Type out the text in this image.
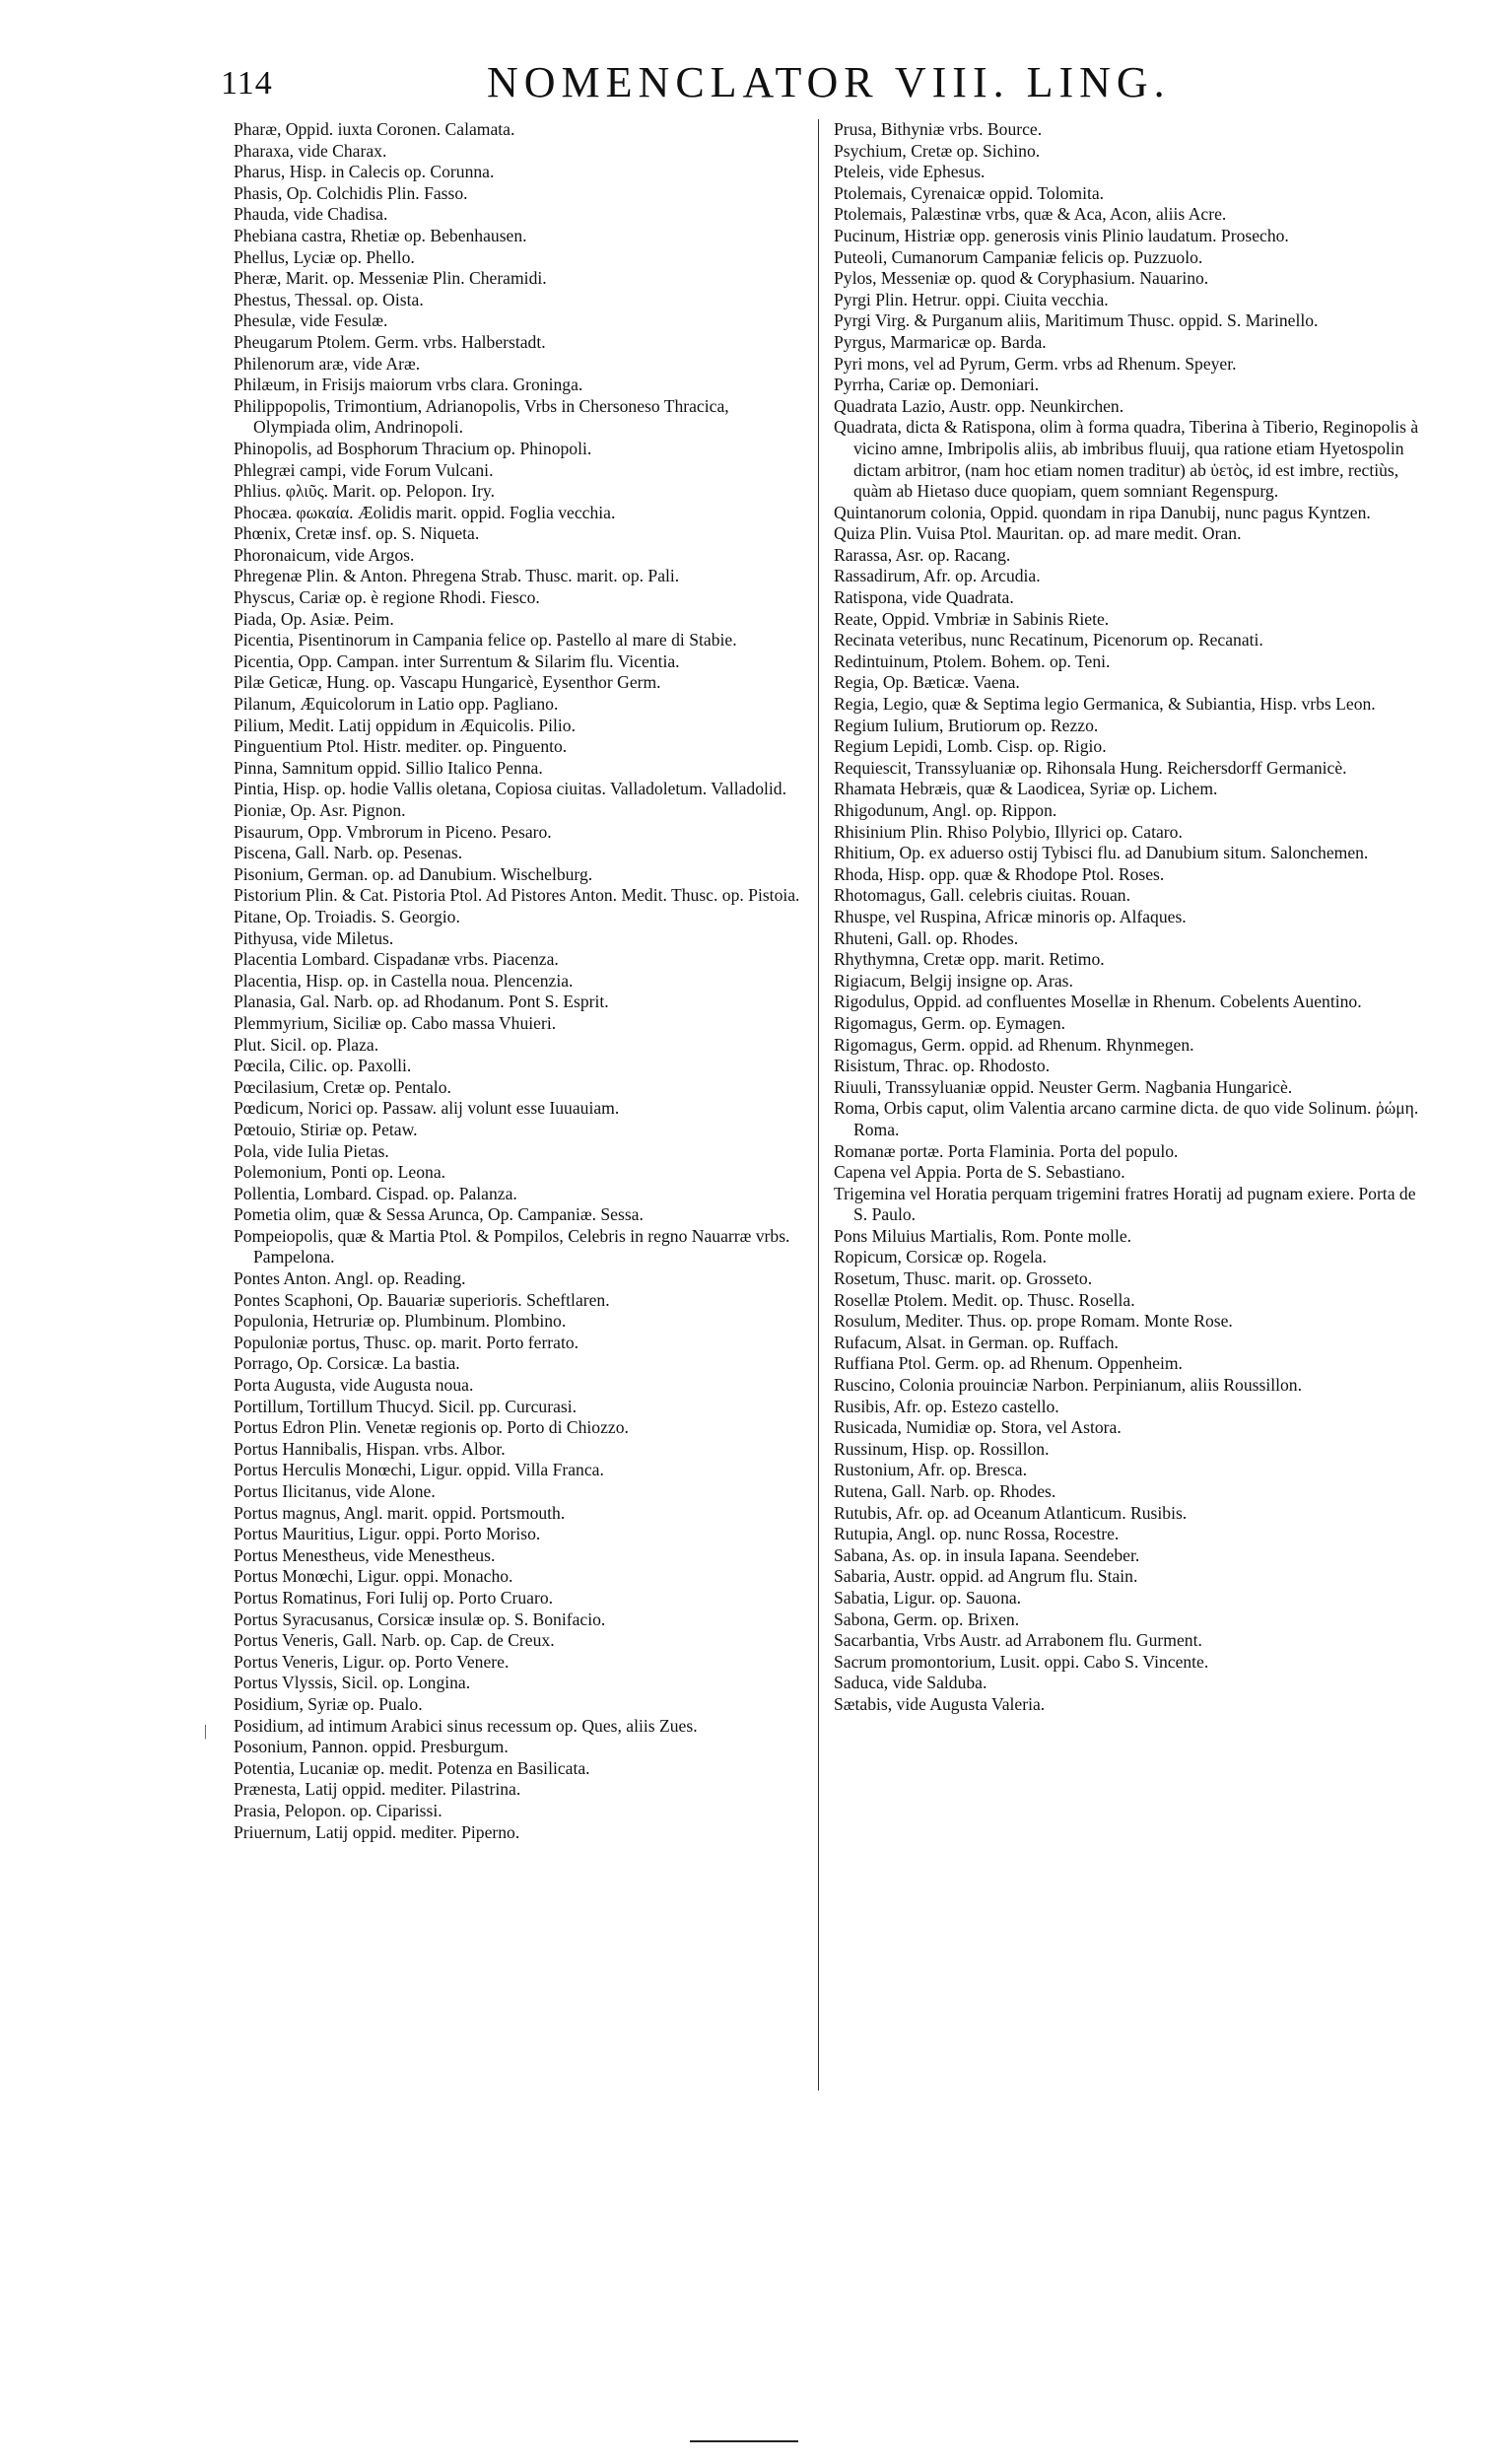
114	NOMENCLATOR VIII. LING.
Pharæ, Oppid. iuxta Coronen. Calamata.
Pharaxa, vide Charax.
Pharus, Hisp. in Calecis op. Corunna.
Phasis, Op. Colchidis Plin. Fasso.
Phauda, vide Chadisa.
Phebiana castra, Rhetiæ op. Bebenhausen.
Phellus, Lyciæ op. Phello.
Pheræ, Marit. op. Messeniæ Plin. Cheramidi.
Phestus, Thessal. op. Oista.
Phesulæ, vide Fesulæ.
Pheugarum Ptolem. Germ. vrbs. Halberstadt.
Philenorum aræ, vide Aræ.
Philæum, in Frisijs maiorum vrbs clara. Groninga.
Philippopolis, Trimontium, Adrianopolis, Vrbs in Chersoneso Thracica, Olympiada olim, Andrinopoli.
Phinopolis, ad Bosphorum Thracium op. Phinopoli.
Phlegræi campi, vide Forum Vulcani.
Phlius. φλιῦς. Marit. op. Pelopon. Iry.
Phocæa. φωκαία. Æolidis marit. oppid. Foglia vecchia.
Phœnix, Cretæ insf. op. S. Niqueta.
Phoronaicum, vide Argos.
Phregenæ Plin. & Anton. Phregena Strab. Thusc. marit. op. Pali.
Physcus, Cariæ op. è regione Rhodi. Fiesco.
Piada, Op. Asiæ. Peim.
Picentia, Pisentinorum in Campania felice op. Pastello al mare di Stabie.
Picentia, Opp. Campan. inter Surrentum & Silarim flu. Vicentia.
Pilæ Geticæ, Hung. op. Vascapu Hungaricè, Eysenthor Germ.
Pilanum, Æquicolorum in Latio opp. Pagliano.
Pilium, Medit. Latij oppidum in Æquicolis. Pilio.
Pinguentium Ptol. Histr. mediter. op. Pinguento.
Pinna, Samnitum oppid. Sillio Italico Penna.
Pintia, Hisp. op. hodie Vallis oletana, Copiosa ciuitas. Valladoletum. Valladolid.
Pioniæ, Op. Asr. Pignon.
Pisaurum, Opp. Vmbrorum in Piceno. Pesaro.
Piscena, Gall. Narb. op. Pesenas.
Pisonium, German. op. ad Danubium. Wischelburg.
Pistorium Plin. & Cat. Pistoria Ptol. Ad Pistores Anton. Medit. Thusc. op. Pistoia.
Pitane, Op. Troiadis. S. Georgio.
Pithyusa, vide Miletus.
Placentia Lombard. Cispadanæ vrbs. Piacenza.
Placentia, Hisp. op. in Castella noua. Plencenzia.
Planasia, Gal. Narb. op. ad Rhodanum. Pont S. Esprit.
Plemmyrium, Siciliæ op. Cabo massa Vhuieri.
Plut. Sicil. op. Plaza.
Pœcila, Cilic. op. Paxolli.
Pœcilasium, Cretæ op. Pentalo.
Pœdicum, Norici op. Passaw. alij volunt esse Iuuauiam.
Pœtouio, Stiriæ op. Petaw.
Pola, vide Iulia Pietas.
Polemonium, Ponti op. Leona.
Pollentia, Lombard. Cispad. op. Palanza.
Pometia olim, quæ & Sessa Arunca, Op. Campaniæ. Sessa.
Pompeiopolis, quæ & Martia Ptol. & Pompilos, Celebris in regno Nauarræ vrbs. Pampelona.
Pontes Anton. Angl. op. Reading.
Pontes Scaphoni, Op. Bauariæ superioris. Scheftlaren.
Populonia, Hetruriæ op. Plumbinum. Plombino.
Populoniæ portus, Thusc. op. marit. Porto ferrato.
Porrago, Op. Corsicæ. La bastia.
Porta Augusta, vide Augusta noua.
Portillum, Tortillum Thucyd. Sicil. pp. Curcurasi.
Portus Edron Plin. Venetæ regionis op. Porto di Chiozzo.
Portus Hannibalis, Hispan. vrbs. Albor.
Portus Herculis Monœchi, Ligur. oppid. Villa Franca.
Portus Ilicitanus, vide Alone.
Portus magnus, Angl. marit. oppid. Portsmouth.
Portus Mauritius, Ligur. oppi. Porto Moriso.
Portus Menestheus, vide Menestheus.
Portus Monœchi, Ligur. oppi. Monacho.
Portus Romatinus, Fori Iulij op. Porto Cruaro.
Portus Syracusanus, Corsicæ insulæ op. S. Bonifacio.
Portus Veneris, Gall. Narb. op. Cap. de Creux.
Portus Veneris, Ligur. op. Porto Venere.
Portus Vlyssis, Sicil. op. Longina.
Posidium, Syriæ op. Pualo.
Posidium, ad intimum Arabici sinus recessum op. Ques, aliis Zues.
Posonium, Pannon. oppid. Presburgum.
Potentia, Lucaniæ op. medit. Potenza en Basilicata.
Prænesta, Latij oppid. mediter. Pilastrina.
Prasia, Pelopon. op. Ciparissi.
Priuernum, Latij oppid. mediter. Piperno.
Prusa, Bithyniæ vrbs. Bource.
Psychium, Cretæ op. Sichino.
Pteleis, vide Ephesus.
Ptolemais, Cyrenaicæ oppid. Tolomita.
Ptolemais, Palæstinæ vrbs, quæ & Aca, Acon, aliis Acre.
Pucinum, Histriæ opp. generosis vinis Plinio laudatum. Prosecho.
Puteoli, Cumanorum Campaniæ felicis op. Puzzuolo.
Pylos, Messeniæ op. quod & Coryphasium. Nauarino.
Pyrgi Plin. Hetrur. oppi. Ciuita vecchia.
Pyrgi Virg. & Purganum aliis, Maritimum Thusc. oppid. S. Marinello.
Pyrgus, Marmaricæ op. Barda.
Pyri mons, vel ad Pyrum, Germ. vrbs ad Rhenum. Speyer.
Pyrrha, Cariæ op. Demoniari.
Quadrata Lazio, Austr. opp. Neunkirchen.
Quadrata, dicta & Ratispona, olim à forma quadra, Tiberina à Tiberio, Reginopolis à vicino amne, Imbripolis aliis, ab imbribus fluuij, qua ratione etiam Hyetospolin dictam arbitror, (nam hoc etiam nomen traditur) ab ὑετὸς, id est imbre, rectiùs, quàm ab Hietaso duce quopiam, quem somniant Regenspurg.
Quintanorum colonia, Oppid. quondam in ripa Danubij, nunc pagus Kyntzen.
Quiza Plin. Vuisa Ptol. Mauritan. op. ad mare medit. Oran.
Rarassa, Asr. op. Racang.
Rassadirum, Afr. op. Arcudia.
Ratispona, vide Quadrata.
Reate, Oppid. Vmbriæ in Sabinis Riete.
Recinata veteribus, nunc Recatinum, Picenorum op. Recanati.
Redintuinum, Ptolem. Bohem. op. Teni.
Regia, Op. Bæticæ. Vaena.
Regia, Legio, quæ & Septima legio Germanica, & Subiantia, Hisp. vrbs Leon.
Regium Iulium, Brutiorum op. Rezzo.
Regium Lepidi, Lomb. Cisp. op. Rigio.
Requiescit, Transsyluaniæ op. Rihonsala Hung. Reichersdorff Germanicè.
Rhamata Hebræis, quæ & Laodicea, Syriæ op. Lichem.
Rhigodunum, Angl. op. Rippon.
Rhisinium Plin. Rhiso Polybio, Illyrici op. Cataro.
Rhitium, Op. ex aduerso ostij Tybisci flu. ad Danubium situm. Salonchemen.
Rhoda, Hisp. opp. quæ & Rhodope Ptol. Roses.
Rhotomagus, Gall. celebris ciuitas. Rouan.
Rhuspe, vel Ruspina, Africæ minoris op. Alfaques.
Rhuteni, Gall. op. Rhodes.
Rhythymna, Cretæ opp. marit. Retimo.
Rigiacum, Belgij insigne op. Aras.
Rigodulus, Oppid. ad confluentes Mosellæ in Rhenum. Cobelents Auentino.
Rigomagus, Germ. op. Eymagen.
Rigomagus, Germ. oppid. ad Rhenum. Rhynmegen.
Risistum, Thrac. op. Rhodosto.
Riuuli, Transsyluaniæ oppid. Neuster Germ. Nagbania Hungaricè.
Roma, Orbis caput, olim Valentia arcano carmine dicta. de quo vide Solinum. ῥώμη. Roma.
Romanæ portæ. Porta Flaminia. Porta del populo.
Capena vel Appia. Porta de S. Sebastiano.
Trigemina vel Horatia perquam trigemini fratres Horatij ad pugnam exiere. Porta de S. Paulo.
Pons Miluius Martialis, Rom. Ponte molle.
Ropicum, Corsicæ op. Rogela.
Rosetum, Thusc. marit. op. Grosseto.
Rosellæ Ptolem. Medit. op. Thusc. Rosella.
Rosulum, Mediter. Thus. op. prope Romam. Monte Rose.
Rufacum, Alsat. in German. op. Ruffach.
Ruffiana Ptol. Germ. op. ad Rhenum. Oppenheim.
Ruscino, Colonia prouinciæ Narbon. Perpinianum, aliis Roussillon.
Rusibis, Afr. op. Estezo castello.
Rusicada, Numidiæ op. Stora, vel Astora.
Russinum, Hisp. op. Rossillon.
Rustonium, Afr. op. Bresca.
Rutena, Gall. Narb. op. Rhodes.
Rutubis, Afr. op. ad Oceanum Atlanticum. Rusibis.
Rutupia, Angl. op. nunc Rossa, Rocestre.
Sabana, As. op. in insula Iapana. Seendeber.
Sabaria, Austr. oppid. ad Angrum flu. Stain.
Sabatia, Ligur. op. Sauona.
Sabona, Germ. op. Brixen.
Sacarbantia, Vrbs Austr. ad Arrabonem flu. Gurment.
Sacrum promontorium, Lusit. oppi. Cabo S. Vincente.
Saduca, vide Salduba.
Sætabis, vide Augusta Valeria.
|
